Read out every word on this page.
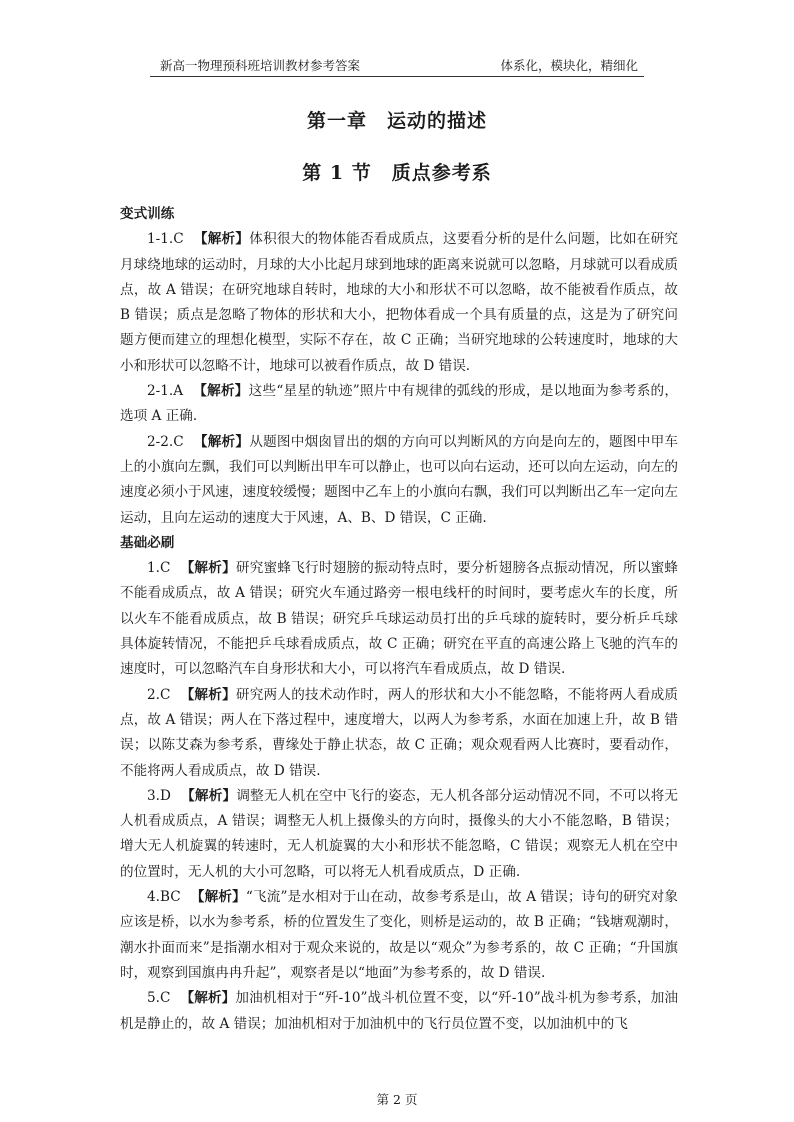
新高一物理预科班培训教材参考答案	体系化，模块化，精细化
第一章　运动的描述
第 1 节　质点参考系

变式训练

1-1.C 【解析】体积很大的物体能否看成质点，这要看分析的是什么问题，比如在研究月球绕地球的运动时，月球的大小比起月球到地球的距离来说就可以忽略，月球就可以看成质点，故 A 错误；在研究地球自转时，地球的大小和形状不可以忽略，故不能被看作质点，故 B 错误；质点是忽略了物体的形状和大小，把物体看成一个具有质量的点，这是为了研究问题方便而建立的理想化模型，实际不存在，故 C 正确；当研究地球的公转速度时，地球的大小和形状可以忽略不计，地球可以被看作质点，故 D 错误.

2-1.A 【解析】这些“星星的轨迹”照片中有规律的弧线的形成，是以地面为参考系的，选项 A 正确.

2-2.C 【解析】从题图中烟囱冒出的烟的方向可以判断风的方向是向左的，题图中甲车上的小旗向左飘，我们可以判断出甲车可以静止，也可以向右运动，还可以向左运动，向左的速度必须小于风速，速度较缓慢；题图中乙车上的小旗向右飘，我们可以判断出乙车一定向左运动，且向左运动的速度大于风速，A、B、D 错误，C 正确.

基础必刷

1.C 【解析】研究蜜蜂飞行时翅膀的振动特点时，要分析翅膀各点振动情况，所以蜜蜂不能看成质点，故 A 错误；研究火车通过路旁一根电线杆的时间时，要考虑火车的长度，所以火车不能看成质点，故 B 错误；研究乒乓球运动员打出的乒乓球的旋转时，要分析乒乓球具体旋转情况，不能把乒乓球看成质点，故 C 正确；研究在平直的高速公路上飞驰的汽车的速度时，可以忽略汽车自身形状和大小，可以将汽车看成质点，故 D 错误.

2.C 【解析】研究两人的技术动作时，两人的形状和大小不能忽略，不能将两人看成质点，故 A 错误；两人在下落过程中，速度增大，以两人为参考系，水面在加速上升，故 B 错误；以陈艾森为参考系，曹缘处于静止状态，故 C 正确；观众观看两人比赛时，要看动作，不能将两人看成质点，故 D 错误.

3.D 【解析】调整无人机在空中飞行的姿态，无人机各部分运动情况不同，不可以将无人机看成质点，A 错误；调整无人机上摄像头的方向时，摄像头的大小不能忽略，B 错误；增大无人机旋翼的转速时，无人机旋翼的大小和形状不能忽略，C 错误；观察无人机在空中的位置时，无人机的大小可忽略，可以将无人机看成质点，D 正确.

4.BC 【解析】“飞流”是水相对于山在动，故参考系是山，故 A 错误；诗句的研究对象应该是桥，以水为参考系，桥的位置发生了变化，则桥是运动的，故 B 正确；“钱塘观潮时，潮水扑面而来”是指潮水相对于观众来说的，故是以“观众”为参考系的，故 C 正确；“升国旗时，观察到国旗冉冉升起”，观察者是以“地面”为参考系的，故 D 错误.

5.C 【解析】加油机相对于“歼-10”战斗机位置不变，以“歼-10”战斗机为参考系，加油机是静止的，故 A 错误；加油机相对于加油机中的飞行员位置不变，以加油机中的飞

第 2 页
